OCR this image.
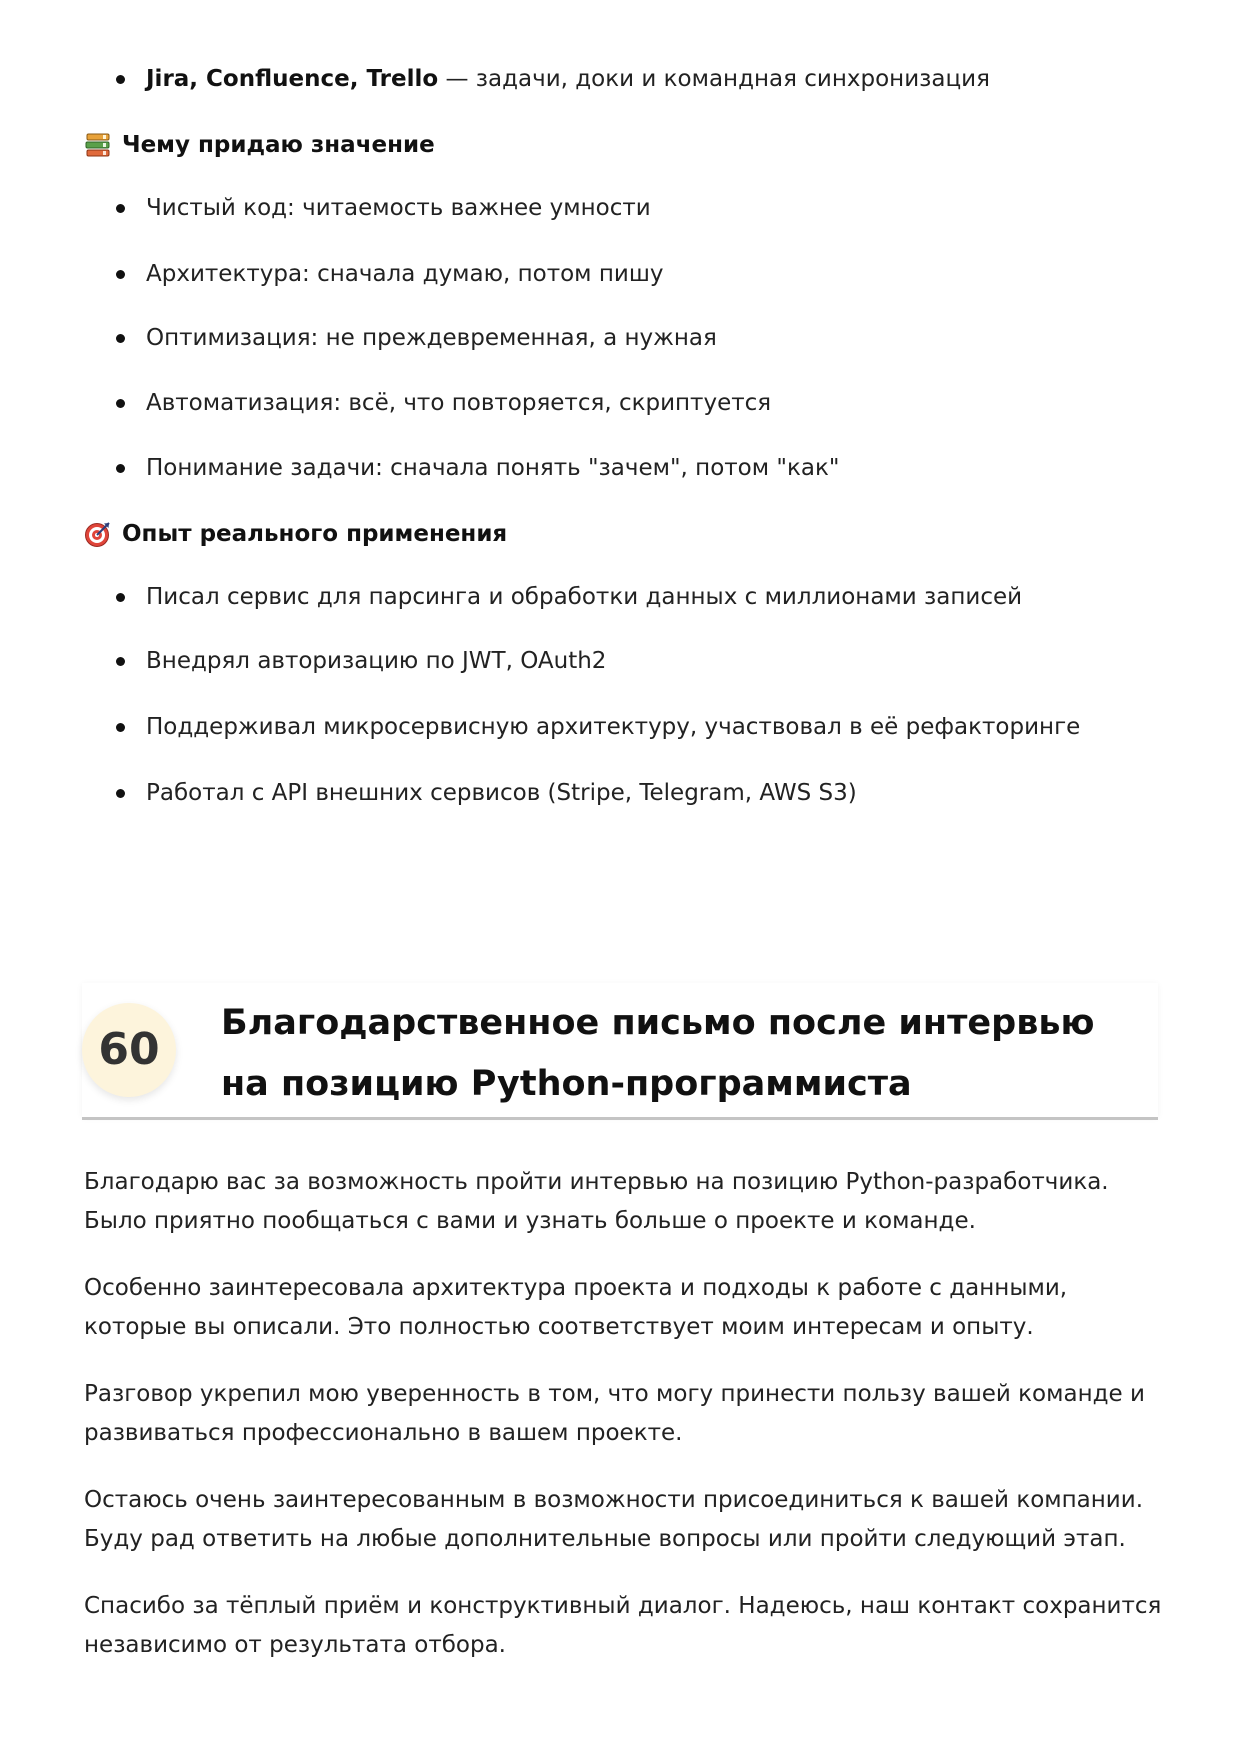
Jira, Confluence, Trello — задачи, доки и командная синхронизация
Чему придаю значение
Чистый код: читаемость важнее умности
Архитектура: сначала думаю, потом пишу
Оптимизация: не преждевременная, а нужная
Автоматизация: всё, что повторяется, скриптуется
Понимание задачи: сначала понять "зачем", потом "как"
Опыт реального применения
Писал сервис для парсинга и обработки данных с миллионами записей
Внедрял авторизацию по JWT, OAuth2
Поддерживал микросервисную архитектуру, участвовал в её рефакторинге
Работал с API внешних сервисов (Stripe, Telegram, AWS S3)
60
Благодарственное письмо после интервью на позицию Python-программиста

Благодарю вас за возможность пройти интервью на позицию Python-разработчика. Было приятно пообщаться с вами и узнать больше о проекте и команде.

Особенно заинтересовала архитектура проекта и подходы к работе с данными, которые вы описали. Это полностью соответствует моим интересам и опыту.

Разговор укрепил мою уверенность в том, что могу принести пользу вашей команде и развиваться профессионально в вашем проекте.

Остаюсь очень заинтересованным в возможности присоединиться к вашей компании. Буду рад ответить на любые дополнительные вопросы или пройти следующий этап.

Спасибо за тёплый приём и конструктивный диалог. Надеюсь, наш контакт сохранится независимо от результата отбора.
